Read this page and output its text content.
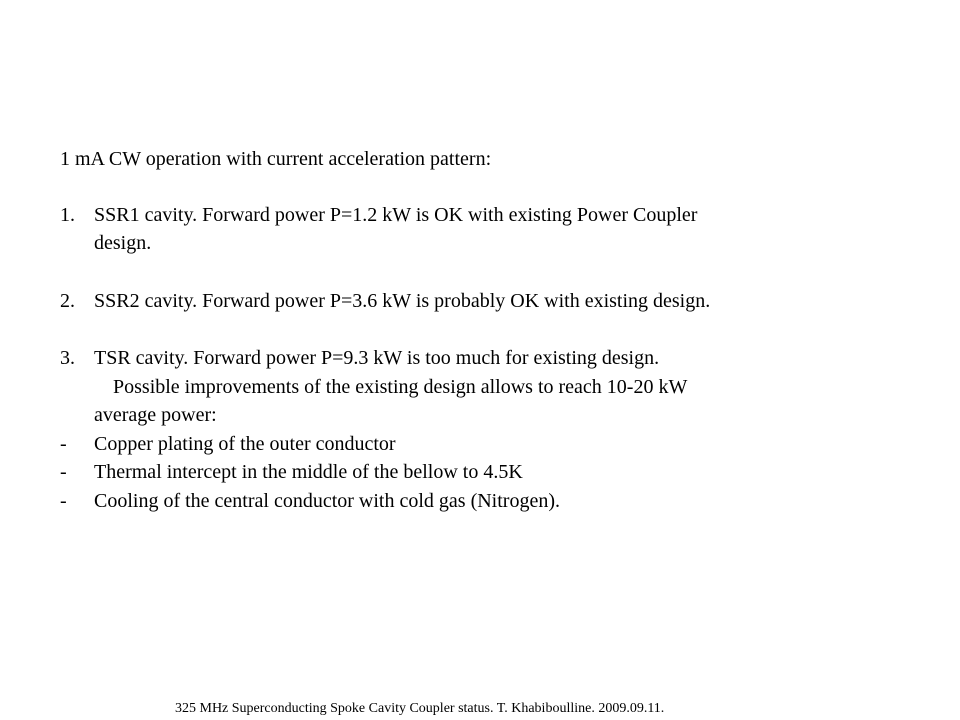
1 mA CW operation with current acceleration pattern:
1. SSR1 cavity. Forward power P=1.2 kW is OK with existing Power Coupler
design.
2. SSR2 cavity. Forward power P=3.6 kW is probably OK with existing design.
3. TSR cavity. Forward power P=9.3 kW is too much for existing design.
Possible improvements of the existing design allows to reach 10-20 kW
average power:
- Copper plating of the outer conductor
- Thermal intercept in the middle of the bellow to 4.5K
- Cooling of the central conductor with cold gas (Nitrogen).
325 MHz Superconducting Spoke Cavity Coupler status. T. Khabiboulline. 2009.09.11.
